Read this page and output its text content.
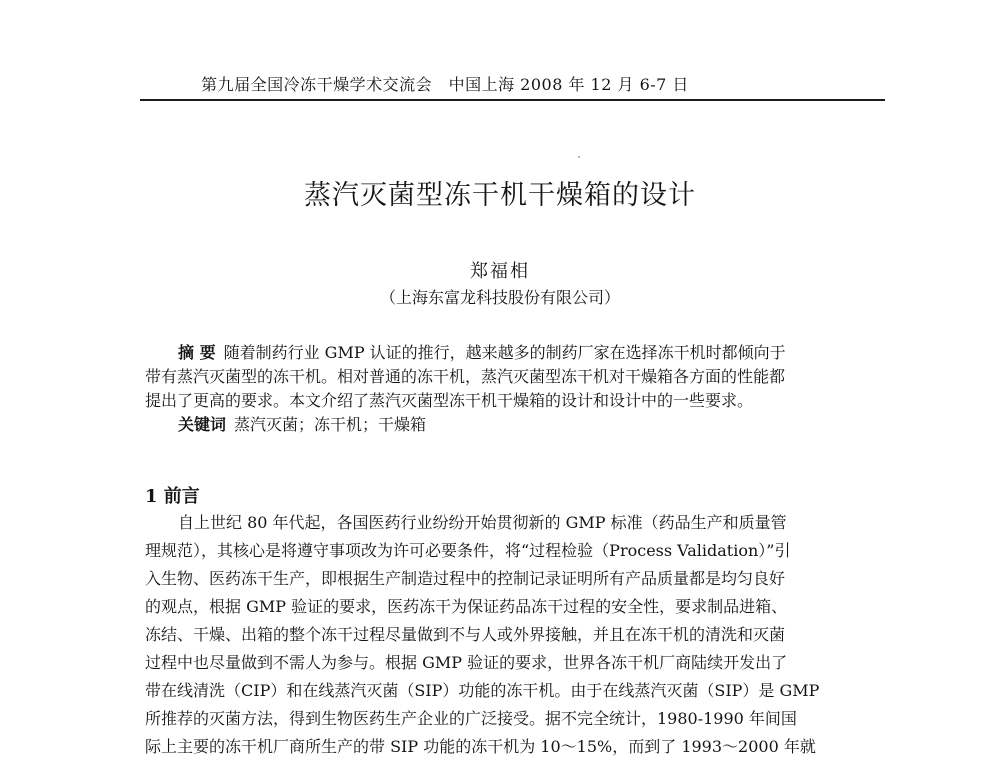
第九届全国冷冻干燥学术交流会　中国上海 2008 年 12 月 6-7 日
蒸汽灭菌型冻干机干燥箱的设计
郑福相
（上海东富龙科技股份有限公司）
摘 要 随着制药行业 GMP 认证的推行，越来越多的制药厂家在选择冻干机时都倾向于
带有蒸汽灭菌型的冻干机。相对普通的冻干机，蒸汽灭菌型冻干机对干燥箱各方面的性能都
提出了更高的要求。本文介绍了蒸汽灭菌型冻干机干燥箱的设计和设计中的一些要求。
关键词 蒸汽灭菌；冻干机；干燥箱
1 前言
自上世纪 80 年代起，各国医药行业纷纷开始贯彻新的 GMP 标准（药品生产和质量管
理规范），其核心是将遵守事项改为许可必要条件，将“过程检验（Process Validation）”引
入生物、医药冻干生产，即根据生产制造过程中的控制记录证明所有产品质量都是均匀良好
的观点，根据 GMP 验证的要求，医药冻干为保证药品冻干过程的安全性，要求制品进箱、
冻结、干燥、出箱的整个冻干过程尽量做到不与人或外界接触，并且在冻干机的清洗和灭菌
过程中也尽量做到不需人为参与。根据 GMP 验证的要求，世界各冻干机厂商陆续开发出了
带在线清洗（CIP）和在线蒸汽灭菌（SIP）功能的冻干机。由于在线蒸汽灭菌（SIP）是 GMP
所推荐的灭菌方法，得到生物医药生产企业的广泛接受。据不完全统计，1980-1990 年间国
际上主要的冻干机厂商所生产的带 SIP 功能的冻干机为 10～15%，而到了 1993～2000 年就
